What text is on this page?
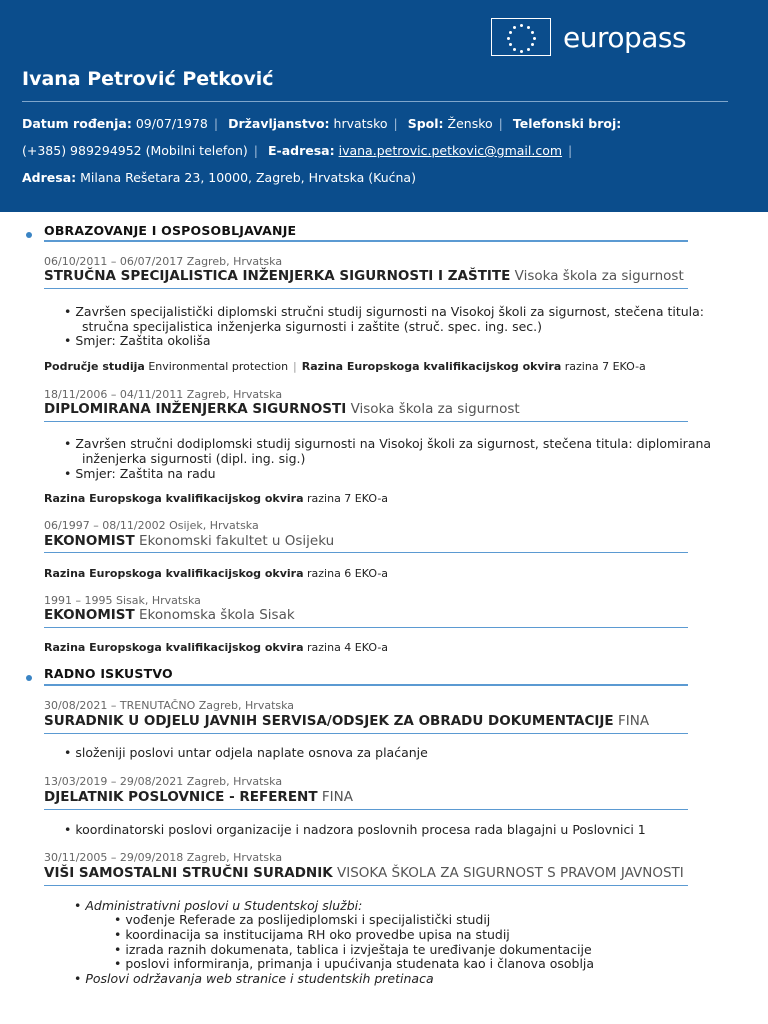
europass
Ivana Petrović Petković
Datum rođenja: 09/07/1978 | Državljanstvo: hrvatsko | Spol: Žensko | Telefonski broj:
(+385) 989294952 (Mobilni telefon) | E-adresa: ivana.petrovic.petkovic@gmail.com |
Adresa: Milana Rešetara 23, 10000, Zagreb, Hrvatska (Kućna)
OBRAZOVANJE I OSPOSOBLJAVANJE
06/10/2011 – 06/07/2017 Zagreb, Hrvatska
STRUČNA SPECIJALISTICA INŽENJERKA SIGURNOSTI I ZAŠTITE Visoka škola za sigurnost
• Završen specijalistički diplomski stručni studij sigurnosti na Visokoj školi za sigurnost, stečena titula:
stručna specijalistica inženjerka sigurnosti i zaštite (struč. spec. ing. sec.)
• Smjer: Zaštita okoliša
Područje studija Environmental protection | Razina Europskoga kvalifikacijskog okvira razina 7 EKO-a
18/11/2006 – 04/11/2011 Zagreb, Hrvatska
DIPLOMIRANA INŽENJERKA SIGURNOSTI Visoka škola za sigurnost
• Završen stručni dodiplomski studij sigurnosti na Visokoj školi za sigurnost, stečena titula: diplomirana
inženjerka sigurnosti (dipl. ing. sig.)
• Smjer: Zaštita na radu
Razina Europskoga kvalifikacijskog okvira razina 7 EKO-a
06/1997 – 08/11/2002 Osijek, Hrvatska
EKONOMIST Ekonomski fakultet u Osijeku
Razina Europskoga kvalifikacijskog okvira razina 6 EKO-a
1991 – 1995 Sisak, Hrvatska
EKONOMIST Ekonomska škola Sisak
Razina Europskoga kvalifikacijskog okvira razina 4 EKO-a
RADNO ISKUSTVO
30/08/2021 – TRENUTAČNO Zagreb, Hrvatska
SURADNIK U ODJELU JAVNIH SERVISA/ODSJEK ZA OBRADU DOKUMENTACIJE FINA
• složeniji poslovi untar odjela naplate osnova za plaćanje
13/03/2019 – 29/08/2021 Zagreb, Hrvatska
DJELATNIK POSLOVNICE - REFERENT FINA
• koordinatorski poslovi organizacije i nadzora poslovnih procesa rada blagajni u Poslovnici 1
30/11/2005 – 29/09/2018 Zagreb, Hrvatska
VIŠI SAMOSTALNI STRUČNI SURADNIK VISOKA ŠKOLA ZA SIGURNOST S PRAVOM JAVNOSTI
• Administrativni poslovi u Studentskoj službi:
• vođenje Referade za poslijediplomski i specijalistički studij
• koordinacija sa institucijama RH oko provedbe upisa na studij
• izrada raznih dokumenata, tablica i izvještaja te uređivanje dokumentacije
• poslovi informiranja, primanja i upućivanja studenata kao i članova osoblja
• Poslovi održavanja web stranice i studentskih pretinaca
